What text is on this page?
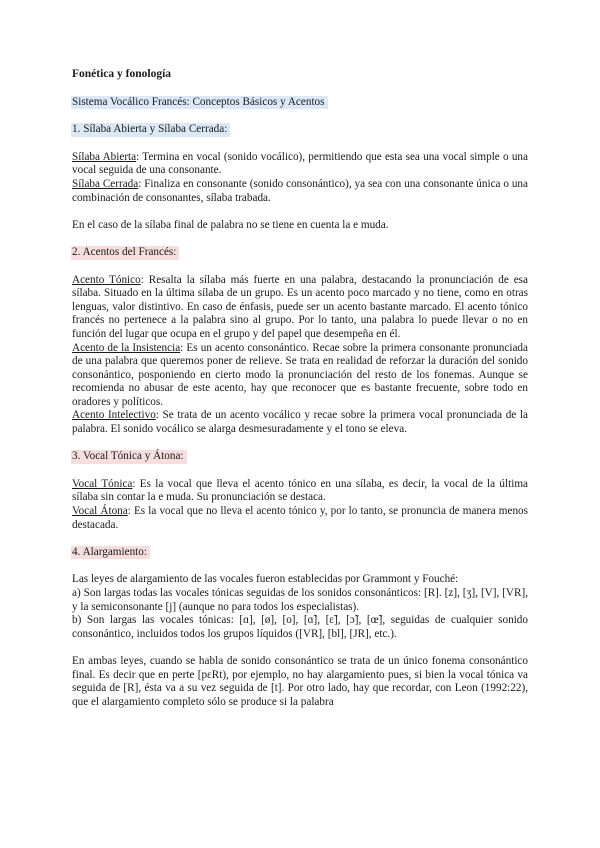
Fonética y fonología

Sistema Vocálico Francés: Conceptos Básicos y Acentos

1. Sílaba Abierta y Sílaba Cerrada:

Sílaba Abierta: Termina en vocal (sonido vocálico), permitiendo que esta sea una vocal simple o una vocal seguida de una consonante.

Sílaba Cerrada: Finaliza en consonante (sonido consonántico), ya sea con una consonante única o una combinación de consonantes, sílaba trabada.

En el caso de la sílaba final de palabra no se tiene en cuenta la e muda.

2. Acentos del Francés:

Acento Tónico: Resalta la sílaba más fuerte en una palabra, destacando la pronunciación de esa sílaba. Situado en la última sílaba de un grupo. Es un acento poco marcado y no tiene, como en otras lenguas, valor distintivo. En caso de énfasis, puede ser un acento bastante marcado. El acento tónico francés no pertenece a la palabra sino al grupo. Por lo tanto, una palabra lo puede llevar o no en función del lugar que ocupa en el grupo y del papel que desempeña en él.

Acento de la Insistencia: Es un acento consonántico. Recae sobre la primera consonante pronunciada de una palabra que queremos poner de relieve. Se trata en realidad de reforzar la duración del sonido consonántico, posponiendo en cierto modo la pronunciación del resto de los fonemas. Aunque se recomienda no abusar de este acento, hay que reconocer que es bastante frecuente, sobre todo en oradores y políticos.

Acento Intelectivo: Se trata de un acento vocálico y recae sobre la primera vocal pronunciada de la palabra. El sonido vocálico se alarga desmesuradamente y el tono se eleva.

3. Vocal Tónica y Átona:

Vocal Tónica: Es la vocal que lleva el acento tónico en una sílaba, es decir, la vocal de la última sílaba sin contar la e muda. Su pronunciación se destaca.

Vocal Átona: Es la vocal que no lleva el acento tónico y, por lo tanto, se pronuncia de manera menos destacada.

4. Alargamiento:

Las leyes de alargamiento de las vocales fueron establecidas por Grammont y Fouché:

a) Son largas todas las vocales tónicas seguidas de los sonidos consonánticos: [R]. [z], [ʒ], [V], [VR], y la semiconsonante [j] (aunque no para todos los especialistas).

b) Son largas las vocales tónicas: [ɑ], [ø], [o], [ɑ̃], [ɛ̃], [ɔ̃], [œ̃], seguidas de cualquier sonido consonántico, incluidos todos los grupos líquidos ([VR], [bl], [JR], etc.).

En ambas leyes, cuando se habla de sonido consonántico se trata de un único fonema consonántico final. Es decir que en perte [pɛRt), por ejemplo, no hay alargamiento pues, si bien la vocal tónica va seguida de [R], ésta va a su vez seguida de [t]. Por otro lado, hay que recordar, con Leon (1992:22), que el alargamiento completo sólo se produce si la palabra
